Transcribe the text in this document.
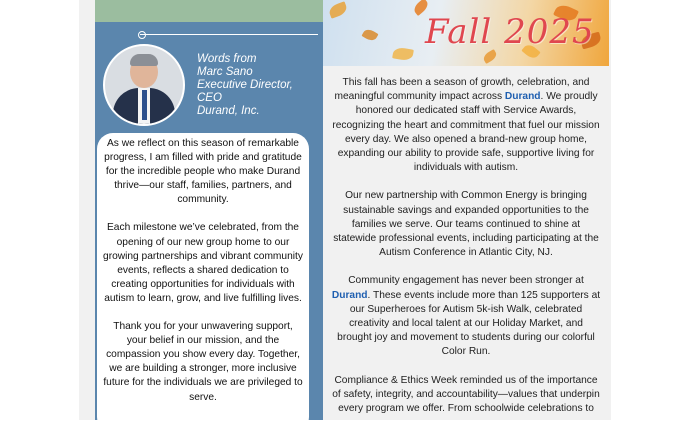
Fall 2025
Words from
Marc Sano
Executive Director,
CEO
Durand, Inc.

As we reflect on this season of remarkable progress, I am filled with pride and gratitude for the incredible people who make Durand thrive—our staff, families, partners, and community.

Each milestone we’ve celebrated, from the opening of our new group home to our growing partnerships and vibrant community events, reflects a shared dedication to creating opportunities for individuals with autism to learn, grow, and live fulfilling lives.

Thank you for your unwavering support, your belief in our mission, and the compassion you show every day. Together, we are building a stronger, more inclusive future for the individuals we are privileged to serve.

This fall has been a season of growth, celebration, and meaningful community impact across Durand. We proudly honored our dedicated staff with Service Awards, recognizing the heart and commitment that fuel our mission every day. We also opened a brand-new group home, expanding our ability to provide safe, supportive living for individuals with autism.

Our new partnership with Common Energy is bringing sustainable savings and expanded opportunities to the families we serve. Our teams continued to shine at statewide professional events, including participating at the Autism Conference in Atlantic City, NJ.

Community engagement has never been stronger at Durand. These events include more than 125 supporters at our Superheroes for Autism 5k-ish Walk, celebrated creativity and local talent at our Holiday Market, and brought joy and movement to students during our colorful Color Run.

Compliance & Ethics Week reminded us of the importance of safety, integrity, and accountability—values that underpin every program we offer. From schoolwide celebrations to
